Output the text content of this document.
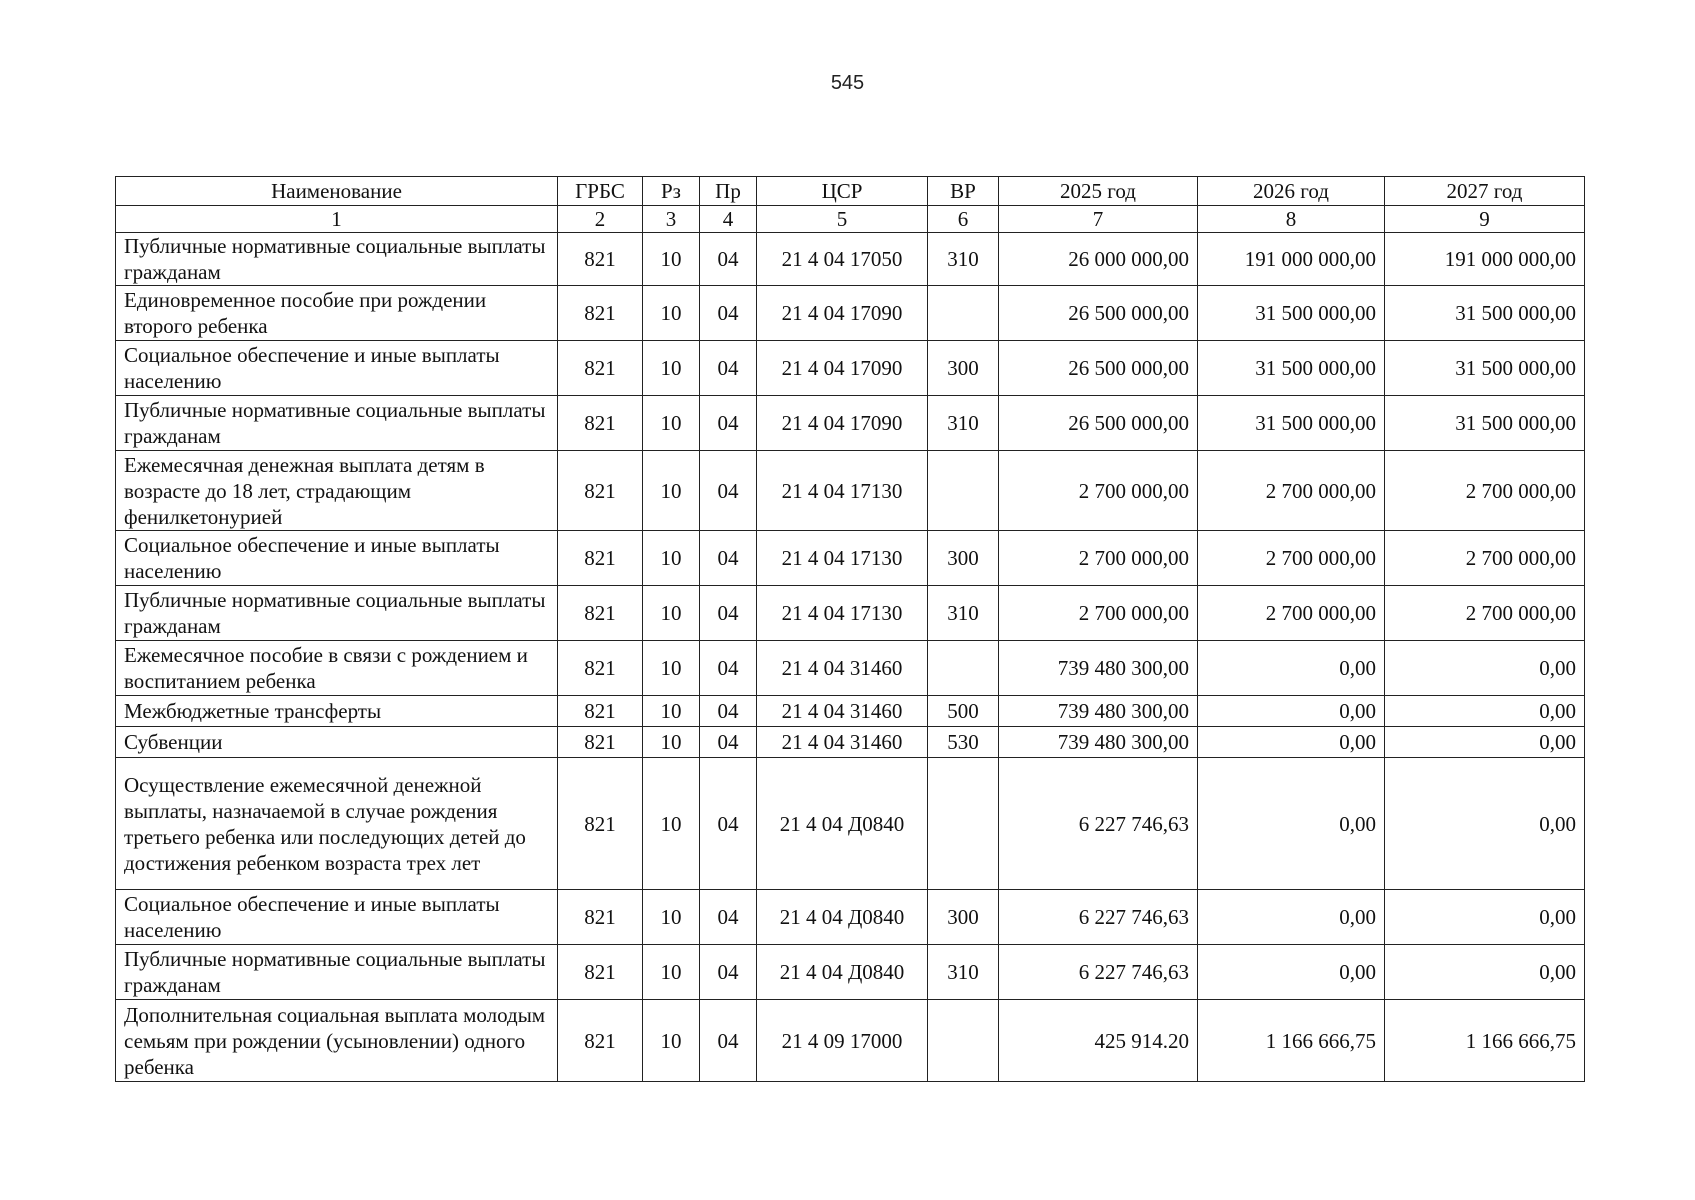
545
Наименование	ГРБС	Рз	Пр	ЦСР	ВР	2025 год	2026 год	2027 год
1	2	3	4	5	6	7	8	9
Публичные нормативные социальные выплаты гражданам	821	10	04	21 4 04 17050	310	26 000 000,00	191 000 000,00	191 000 000,00
Единовременное пособие при рождении второго ребенка	821	10	04	21 4 04 17090		26 500 000,00	31 500 000,00	31 500 000,00
Социальное обеспечение и иные выплаты населению	821	10	04	21 4 04 17090	300	26 500 000,00	31 500 000,00	31 500 000,00
Публичные нормативные социальные выплаты гражданам	821	10	04	21 4 04 17090	310	26 500 000,00	31 500 000,00	31 500 000,00
Ежемесячная денежная выплата детям в возрасте до 18 лет, страдающим фенилкетонурией	821	10	04	21 4 04 17130		2 700 000,00	2 700 000,00	2 700 000,00
Социальное обеспечение и иные выплаты населению	821	10	04	21 4 04 17130	300	2 700 000,00	2 700 000,00	2 700 000,00
Публичные нормативные социальные выплаты гражданам	821	10	04	21 4 04 17130	310	2 700 000,00	2 700 000,00	2 700 000,00
Ежемесячное пособие в связи с рождением и воспитанием ребенка	821	10	04	21 4 04 31460		739 480 300,00	0,00	0,00
Межбюджетные трансферты	821	10	04	21 4 04 31460	500	739 480 300,00	0,00	0,00
Субвенции	821	10	04	21 4 04 31460	530	739 480 300,00	0,00	0,00
Осуществление ежемесячной денежной выплаты, назначаемой в случае рождения третьего ребенка или последующих детей до достижения ребенком возраста трех лет	821	10	04	21 4 04 Д0840		6 227 746,63	0,00	0,00
Социальное обеспечение и иные выплаты населению	821	10	04	21 4 04 Д0840	300	6 227 746,63	0,00	0,00
Публичные нормативные социальные выплаты гражданам	821	10	04	21 4 04 Д0840	310	6 227 746,63	0,00	0,00
Дополнительная социальная выплата молодым семьям при рождении (усыновлении) одного ребенка	821	10	04	21 4 09 17000		425 914.20	1 166 666,75	1 166 666,75
